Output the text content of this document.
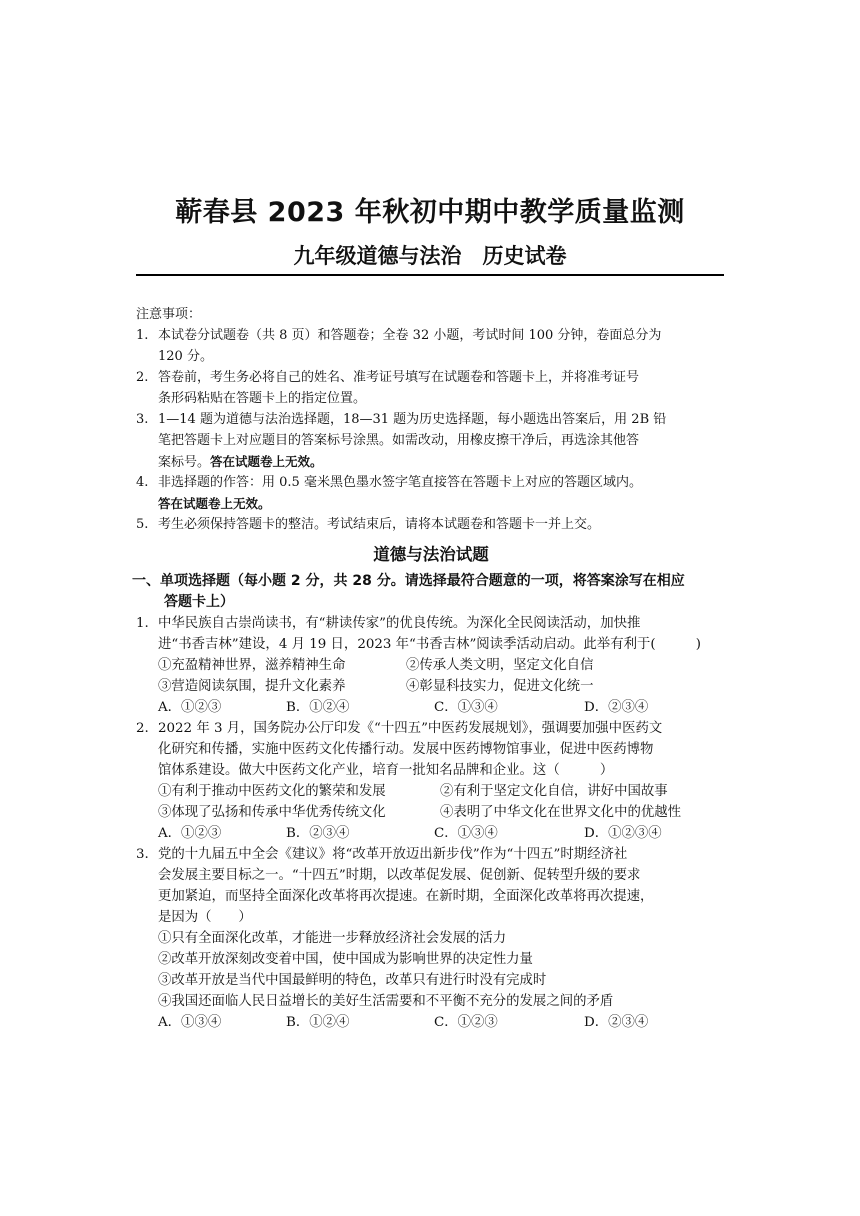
蕲春县 2023 年秋初中期中教学质量监测
九年级道德与法治　历史试卷
注意事项：
1. 本试卷分试题卷（共 8 页）和答题卷；全卷 32 小题，考试时间 100 分钟，卷面总分为
120 分。
2. 答卷前，考生务必将自己的姓名、准考证号填写在试题卷和答题卡上，并将准考证号
条形码粘贴在答题卡上的指定位置。
3. 1—14 题为道德与法治选择题，18—31 题为历史选择题，每小题选出答案后，用 2B 铅
笔把答题卡上对应题目的答案标号涂黑。如需改动，用橡皮擦干净后，再选涂其他答
案标号。答在试题卷上无效。
4. 非选择题的作答：用 0.5 毫米黑色墨水签字笔直接答在答题卡上对应的答题区域内。
答在试题卷上无效。
5. 考生必须保持答题卡的整洁。考试结束后，请将本试题卷和答题卡一并上交。
道德与法治试题
一、单项选择题（每小题 2 分，共 28 分。请选择最符合题意的一项，将答案涂写在相应
答题卡上）
1. 中华民族自古崇尚读书，有“耕读传家”的优良传统。为深化全民阅读活动，加快推
进“书香吉林”建设，4 月 19 日，2023 年“书香吉林”阅读季活动启动。此举有利于(　　　)
①充盈精神世界，滋养精神生命	②传承人类文明，坚定文化自信
③营造阅读氛围，提升文化素养	④彰显科技实力，促进文化统一
A．①②③	B．①②④	C．①③④	D．②③④
2. 2022 年 3 月，国务院办公厅印发《“十四五”中医药发展规划》，强调要加强中医药文
化研究和传播，实施中医药文化传播行动。发展中医药博物馆事业，促进中医药博物
馆体系建设。做大中医药文化产业，培育一批知名品牌和企业。这（　　　）
①有利于推动中医药文化的繁荣和发展	②有利于坚定文化自信，讲好中国故事
③体现了弘扬和传承中华优秀传统文化	④表明了中华文化在世界文化中的优越性
A．①②③	B．②③④	C．①③④	D．①②③④
3. 党的十九届五中全会《建议》将“改革开放迈出新步伐”作为“十四五”时期经济社
会发展主要目标之一。“十四五”时期，以改革促发展、促创新、促转型升级的要求
更加紧迫，而坚持全面深化改革将再次提速。在新时期，全面深化改革将再次提速，
是因为（　　）
①只有全面深化改革，才能进一步释放经济社会发展的活力
②改革开放深刻改变着中国，使中国成为影响世界的决定性力量
③改革开放是当代中国最鲜明的特色，改革只有进行时没有完成时
④我国还面临人民日益增长的美好生活需要和不平衡不充分的发展之间的矛盾
A．①③④	B．①②④	C．①②③	D．②③④
